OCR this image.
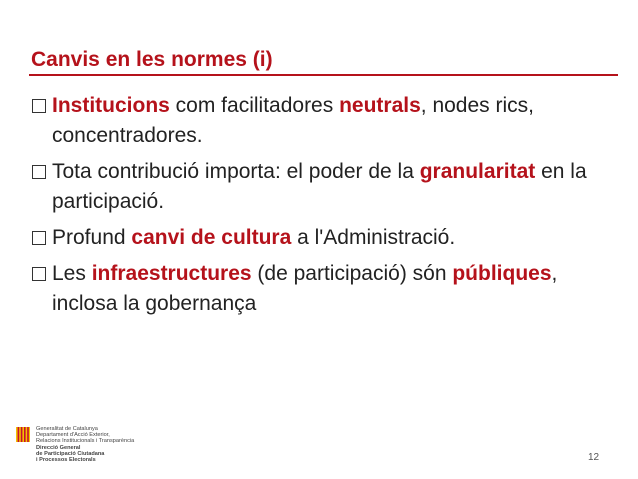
Canvis en les normes (i)
Institucions com facilitadores neutrals, nodes rics, concentradores.
Tota contribució importa: el poder de la granularitat en la participació.
Profund canvi de cultura a l'Administració.
Les infraestructures (de participació) són públiques, inclosa la gobernança
Generalitat de Catalunya
Departament d'Acció Exterior,
Relacions Institucionals i Transparència
Direcció General
de Participació Ciutadana
i Processos Electorals	12
